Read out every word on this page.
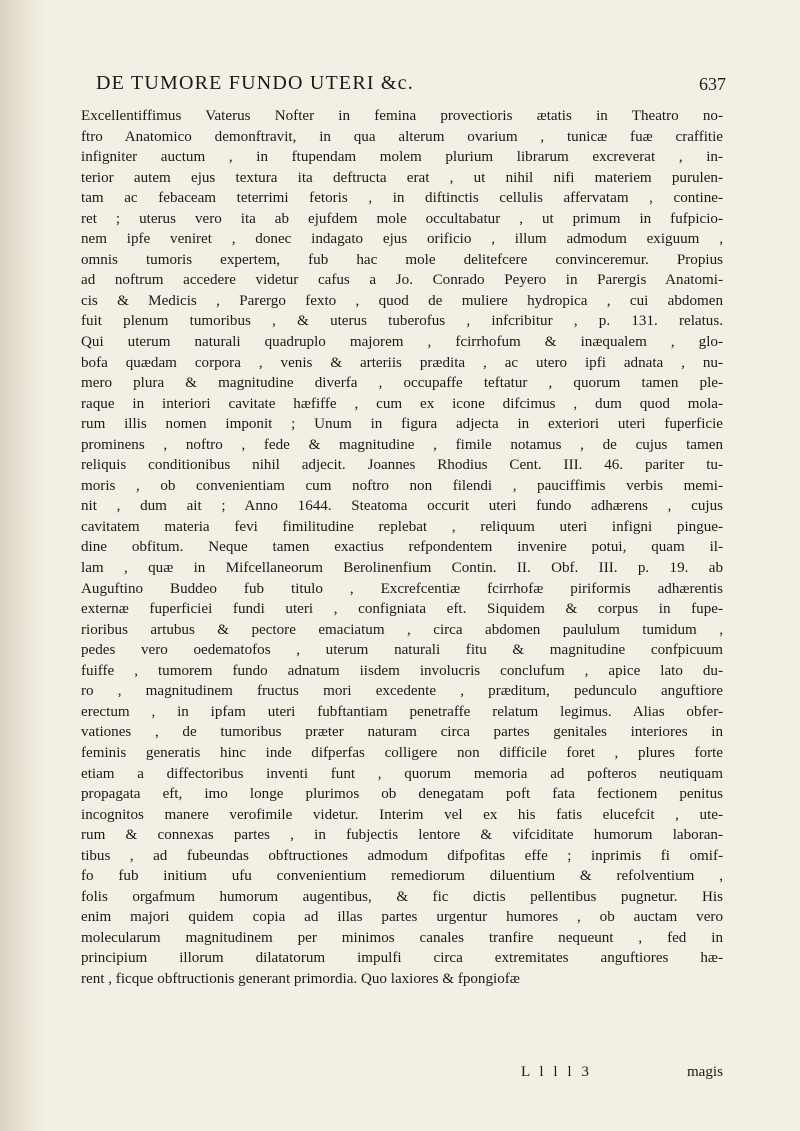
DE TUMORE FUNDO UTERI &c.	637
Excellentiffimus Vaterus Nofter in femina provectioris ætatis in Theatro no-
ftro Anatomico demonftravit, in qua alterum ovarium , tunicæ fuæ craffitie
infigniter auctum , in ftupendam molem plurium librarum excreverat , in-
terior autem ejus textura ita deftructa erat , ut nihil nifi materiem purulen-
tam ac febaceam teterrimi fetoris , in diftinctis cellulis affervatam , contine-
ret ; uterus vero ita ab ejufdem mole occultabatur , ut primum in fufpicio-
nem ipfe veniret , donec indagato ejus orificio , illum admodum exiguum ,
omnis tumoris expertem, fub hac mole delitefcere convinceremur. Propius
ad noftrum accedere videtur cafus a Jo. Conrado Peyero in Parergis Anatomi-
cis & Medicis , Parergo fexto , quod de muliere hydropica , cui abdomen
fuit plenum tumoribus , & uterus tuberofus , infcribitur , p. 131. relatus.
Qui uterum naturali quadruplo majorem , fcirrhofum & inæqualem , glo-
bofa quædam corpora , venis & arteriis prædita , ac utero ipfi adnata , nu-
mero plura & magnitudine diverfa , occupaffe teftatur , quorum tamen ple-
raque in interiori cavitate hæfiffe , cum ex icone difcimus , dum quod mola-
rum illis nomen imponit ; Unum in figura adjecta in exteriori uteri fuperficie
prominens , noftro , fede & magnitudine , fimile notamus , de cujus tamen
reliquis conditionibus nihil adjecit. Joannes Rhodius Cent. III. 46. pariter tu-
moris , ob convenientiam cum noftro non filendi , pauciffimis verbis memi-
nit , dum ait ; Anno 1644. Steatoma occurit uteri fundo adhærens , cujus
cavitatem materia fevi fimilitudine replebat , reliquum uteri infigni pingue-
dine obfitum. Neque tamen exactius refpondentem invenire potui, quam il-
lam , quæ in Mifcellaneorum Berolinenfium Contin. II. Obf. III. p. 19. ab
Auguftino Buddeo fub titulo , Excrefcentiæ fcirrhofæ piriformis adhærentis
externæ fuperficiei fundi uteri , configniata eft. Siquidem & corpus in fupe-
rioribus artubus & pectore emaciatum , circa abdomen paululum tumidum ,
pedes vero oedematofos , uterum naturali fitu & magnitudine confpicuum
fuiffe , tumorem fundo adnatum iisdem involucris conclufum , apice lato du-
ro , magnitudinem fructus mori excedente , præditum, pedunculo anguftiore
erectum , in ipfam uteri fubftantiam penetraffe relatum legimus. Alias obfer-
vationes , de tumoribus præter naturam circa partes genitales interiores in
feminis generatis hinc inde difperfas colligere non difficile foret , plures forte
etiam a diffectoribus inventi funt , quorum memoria ad pofteros neutiquam
propagata eft, imo longe plurimos ob denegatam poft fata fectionem penitus
incognitos manere verofimile videtur. Interim vel ex his fatis elucefcit , ute-
rum & connexas partes , in fubjectis lentore & vifciditate humorum laboran-
tibus , ad fubeundas obftructiones admodum difpofitas effe ; inprimis fi omif-
fo fub initium ufu convenientium remediorum diluentium & refolventium ,
folis orgafmum humorum augentibus, & fic dictis pellentibus pugnetur. His
enim majori quidem copia ad illas partes urgentur humores , ob auctam vero
molecularum magnitudinem per minimos canales tranfire nequeunt , fed in
principium illorum dilatatorum impulfi circa extremitates anguftiores hæ-
rent , ficque obftructionis generant primordia. Quo laxiores & fpongiofæ
L l l l 3	magis
